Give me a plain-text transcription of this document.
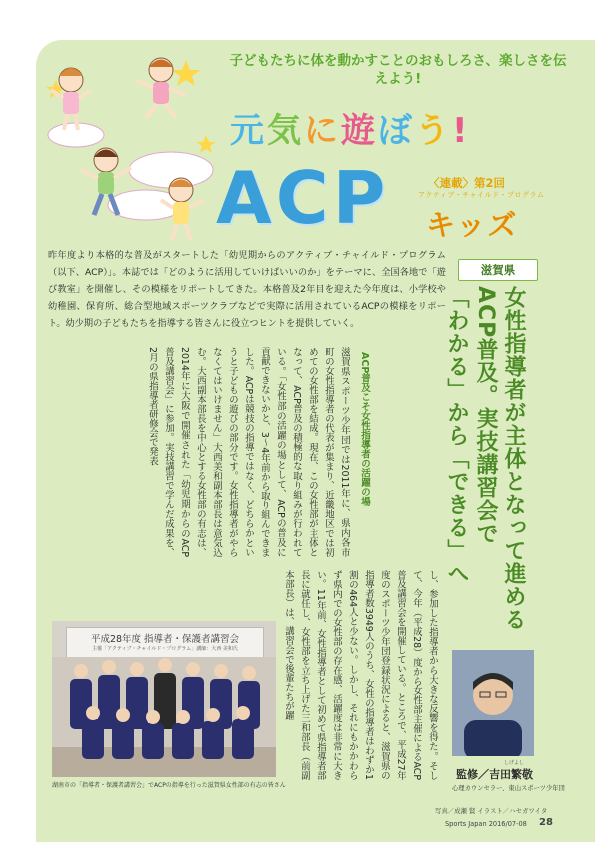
子どもたちに体を動かすことのおもしろさ、楽しさを伝えよう!
元気に遊ぼう!
ACP	〈連載〉第2回
アクティブ・チャイルド・プログラム
キッズ
昨年度より本格的な普及がスタートした「幼児期からのアクティブ・チャイルド・プログラム（以下、ACP）」。本誌では「どのように活用していけばいいのか」をテーマに、全国各地で「遊び教室」を開催し、その模様をリポートしてきた。本格普及2年目を迎えた今年度は、小学校や幼稚園、保育所、総合型地域スポーツクラブなどで実際に活用されているACPの模様をリポート。幼少期の子どもたちを指導する皆さんに役立つヒントを提供していく。
滋賀県
女性指導者が主体となって進める
ACP普及。実技講習会で
「わかる」から「できる」へ
ACP普及こそ女性指導者の活躍の場
滋賀県スポーツ少年団では2011年に、県内各市町の女性指導者の代表が集まり、近畿地区では初めての女性部を結成。現在、この女性部が主体となって、ACP普及の積極的な取り組みが行われている。「女性部の活躍の場として、ACPの普及に貢献できないかと、3～4年前から取り組んできました。ACPは競技の指導ではなく、どちらかというと子どもの遊びの部分です。女性指導者がやらなくてはいけません」大西美和副本部長は意気込む。大西副本部長を中心とする女性部の有志は、2014年に大阪で開催された「幼児期からのACP普及講習会」に参加。実技講習で学んだ成果を、2月の県指導者研修会で発表
し、参加した指導者から大きな反響を得た。そして、今年（平成28）度から女性部主催によるACP普及講習会を開催している。ところで、平成27年度のスポーツ少年団登録状況によると、滋賀県の指導者数3949人のうち、女性の指導者はわずか1割の464人と少ない。しかし、それにもかかわらず県内での女性部の存在感、活躍度は非常に大きい。11年前、女性指導者として初めて県指導者部長に就任し、女性部を立ち上げた三和部長（前副本部長）は、講習会で後輩たちが躍
平成28年度 指導者・保護者講習会
主催「アクティブ・チャイルド・プログラム」講師：大西 美和氏
湖南市の「指導者・保護者講習会」でACPの指導を行った滋賀県女性部の有志の皆さん
しげよし
監修／吉田繁敬
心理カウンセラー、東山スポーツ少年団
写真／成瀬 賢 イラスト／ハセガワイタ
Sports Japan 2016/07-08 28
